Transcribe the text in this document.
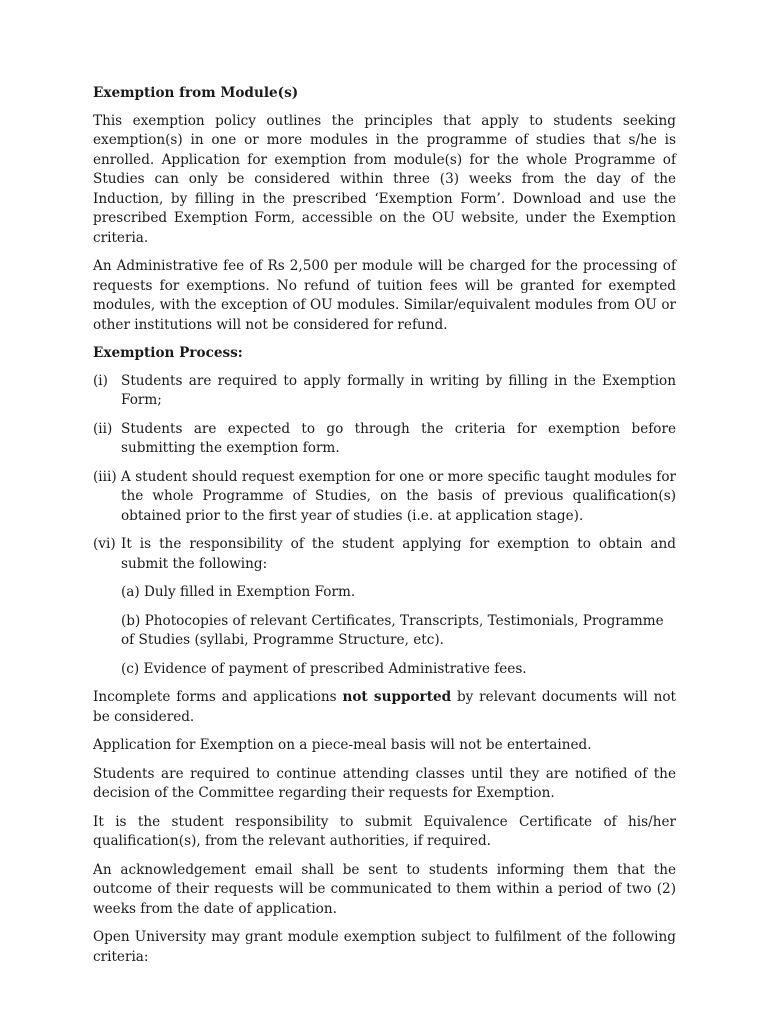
Exemption from Module(s)

This exemption policy outlines the principles that apply to students seeking exemption(s) in one or more modules in the programme of studies that s/he is enrolled. Application for exemption from module(s) for the whole Programme of Studies can only be considered within three (3) weeks from the day of the Induction, by filling in the prescribed ‘Exemption Form’. Download and use the prescribed Exemption Form, accessible on the OU website, under the Exemption criteria.

An Administrative fee of Rs 2,500 per module will be charged for the processing of requests for exemptions. No refund of tuition fees will be granted for exempted modules, with the exception of OU modules. Similar/equivalent modules from OU or other institutions will not be considered for refund.

Exemption Process:

(i) Students are required to apply formally in writing by filling in the Exemption Form;
(ii) Students are expected to go through the criteria for exemption before submitting the exemption form.
(iii) A student should request exemption for one or more specific taught modules for the whole Programme of Studies, on the basis of previous qualification(s) obtained prior to the first year of studies (i.e. at application stage).
(vi) It is the responsibility of the student applying for exemption to obtain and submit the following:

(a) Duly filled in Exemption Form.

(b) Photocopies of relevant Certificates, Transcripts, Testimonials, Programme of Studies (syllabi, Programme Structure, etc).

(c) Evidence of payment of prescribed Administrative fees.

Incomplete forms and applications not supported by relevant documents will not be considered.

Application for Exemption on a piece-meal basis will not be entertained.

Students are required to continue attending classes until they are notified of the decision of the Committee regarding their requests for Exemption.

It is the student responsibility to submit Equivalence Certificate of his/her qualification(s), from the relevant authorities, if required.

An acknowledgement email shall be sent to students informing them that the outcome of their requests will be communicated to them within a period of two (2) weeks from the date of application.

Open University may grant module exemption subject to fulfilment of the following criteria:
